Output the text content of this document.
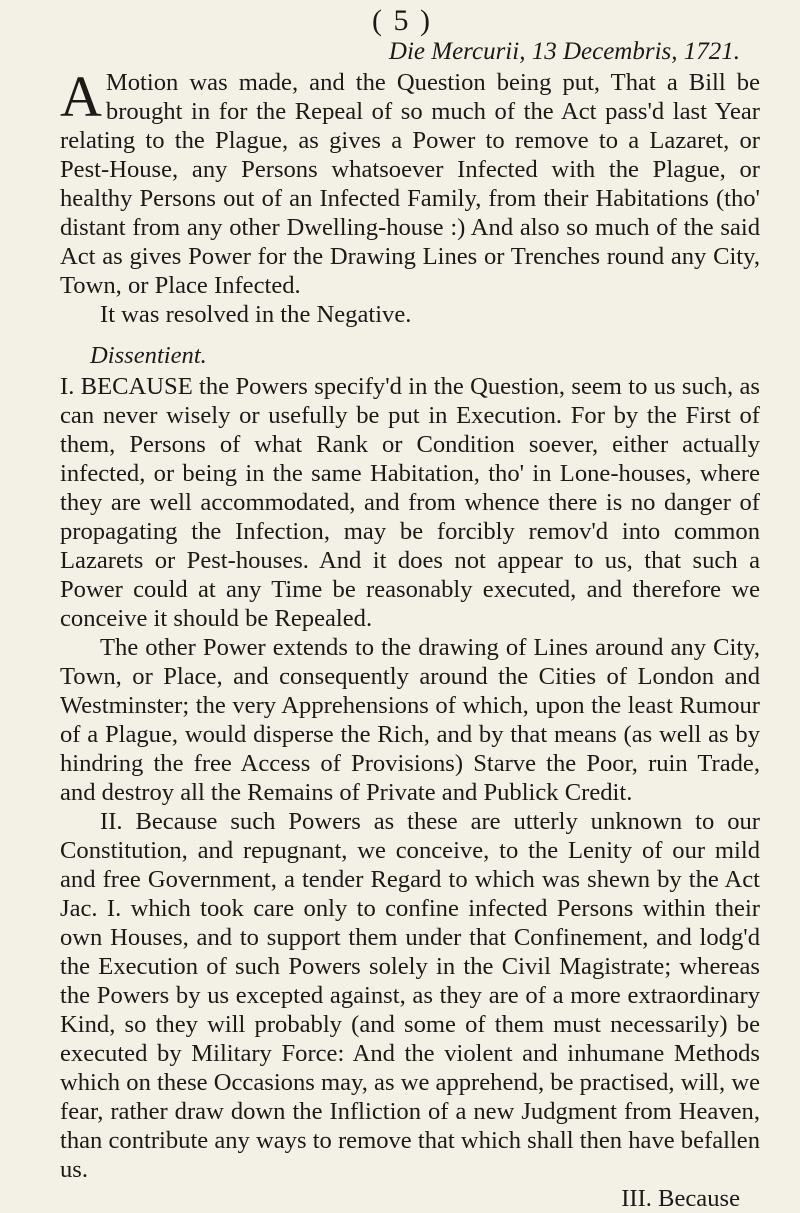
( 5 )
Die Mercurii, 13 Decembris, 1721.

A Motion was made, and the Question being put, That a Bill be brought in for the Repeal of so much of the Act pass'd last Year relating to the Plague, as gives a Power to remove to a Lazaret, or Pest-House, any Persons whatsoever Infected with the Plague, or healthy Persons out of an Infected Family, from their Habitations (tho' distant from any other Dwelling-house :) And also so much of the said Act as gives Power for the Drawing Lines or Trenches round any City, Town, or Place Infected.

It was resolved in the Negative.

Dissentient.

I. BECAUSE the Powers specify'd in the Question, seem to us such, as can never wisely or usefully be put in Execution. For by the First of them, Persons of what Rank or Condition soever, either actually infected, or being in the same Habitation, tho' in Lone-houses, where they are well accommodated, and from whence there is no danger of propagating the Infection, may be forcibly remov'd into common Lazarets or Pest-houses. And it does not appear to us, that such a Power could at any Time be reasonably executed, and therefore we conceive it should be Repealed.

The other Power extends to the drawing of Lines around any City, Town, or Place, and consequently around the Cities of London and Westminster; the very Apprehensions of which, upon the least Rumour of a Plague, would disperse the Rich, and by that means (as well as by hindring the free Access of Provisions) Starve the Poor, ruin Trade, and destroy all the Remains of Private and Publick Credit.

II. Because such Powers as these are utterly unknown to our Constitution, and repugnant, we conceive, to the Lenity of our mild and free Government, a tender Regard to which was shewn by the Act Jac. I. which took care only to confine infected Persons within their own Houses, and to support them under that Confinement, and lodg'd the Execution of such Powers solely in the Civil Magistrate; whereas the Powers by us excepted against, as they are of a more extraordinary Kind, so they will probably (and some of them must necessarily) be executed by Military Force: And the violent and inhumane Methods which on these Occasions may, as we apprehend, be practised, will, we fear, rather draw down the Infliction of a new Judgment from Heaven, than contribute any ways to remove that which shall then have befallen us.

III. Because
